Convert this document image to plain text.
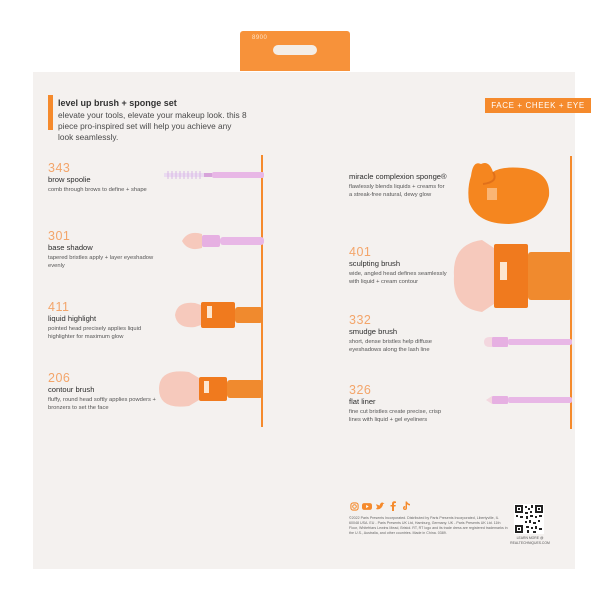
8900
level up brush + sponge set
elevate your tools, elevate your makeup look. this 8 piece pro-inspired set will help you achieve any look seamlessly.
FACE + CHEEK + EYE
343
brow spoolie
comb through brows to define + shape
301
base shadow
tapered bristles apply + layer eyeshadow evenly
411
liquid highlight
pointed head precisely applies liquid highlighter for maximum glow
206
contour brush
fluffy, round head softly applies powders + bronzers to set the face
miracle complexion sponge®
flawlessly blends liquids + creams for a streak-free natural, dewy glow
401
sculpting brush
wide, angled head defines seamlessly with liquid + cream contour
332
smudge brush
short, dense bristles help diffuse eyeshadows along the lash line
326
flat liner
fine cut bristles create precise, crisp lines with liquid + gel eyeliners
©2022 Paris Presents Incorporated. Distributed by Paris Presents Incorporated, Libertyville, IL 60048 USA. EU - Paris Presents UK Ltd, Hamburg, Germany. UK - Paris Presents UK Ltd. 11th Floor, Whitefriars Lewins Mead, Bristol. RT, RT logo and its trade dress are registered trademarks in the U.S., Australia, and other countries. Made in China. 0389.
LEARN MORE @ REALTECHNIQUES.COM
